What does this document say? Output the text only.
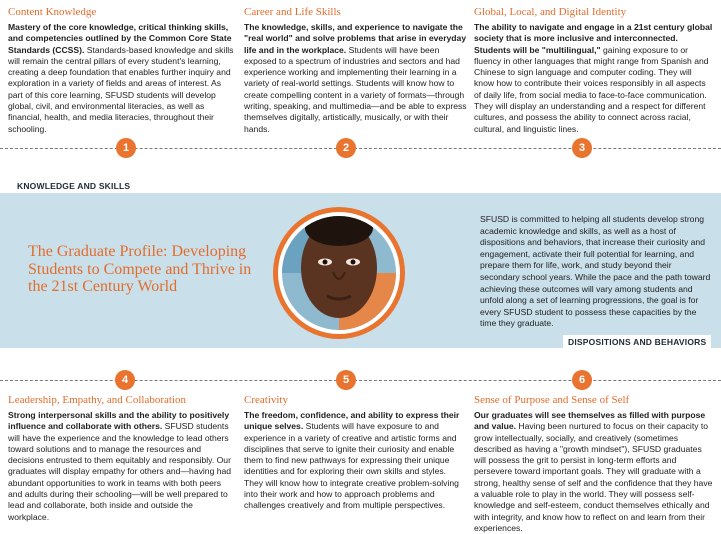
Content Knowledge
Mastery of the core knowledge, critical thinking skills, and competencies outlined by the Common Core State Standards (CCSS). Standards-based knowledge and skills will remain the central pillars of every student's learning, creating a deep foundation that enables further inquiry and exploration in a variety of fields and areas of interest. As part of this core learning, SFUSD students will develop global, civil, and environmental literacies, as well as financial, health, and media literacies, throughout their schooling.
Career and Life Skills
The knowledge, skills, and experience to navigate the "real world" and solve problems that arise in everyday life and in the workplace. Students will have been exposed to a spectrum of industries and sectors and had experience working and implementing their learning in a variety of real-world settings. Students will know how to create compelling content in a variety of formats—through writing, speaking, and multimedia—and be able to express themselves digitally, artistically, musically, or with their hands.
Global, Local, and Digital Identity
The ability to navigate and engage in a 21st century global society that is more inclusive and interconnected. Students will be "multilingual," gaining exposure to or fluency in other languages that might range from Spanish and Chinese to sign language and computer coding. They will know how to contribute their voices responsibly in all aspects of daily life, from social media to face-to-face communication. They will display an understanding and a respect for different cultures, and possess the ability to connect across racial, cultural, and linguistic lines.
KNOWLEDGE AND SKILLS
DISPOSITIONS AND BEHAVIORS
The Graduate Profile: Developing Students to Compete and Thrive in the 21st Century World
SFUSD is committed to helping all students develop strong academic knowledge and skills, as well as a host of dispositions and behaviors, that increase their curiosity and engagement, activate their full potential for learning, and prepare them for life, work, and study beyond their secondary school years. While the pace and the path toward achieving these outcomes will vary among students and unfold along a set of learning progressions, the goal is for every SFUSD student to possess these capacities by the time they graduate.
1	2	3
4	5	6
Leadership, Empathy, and Collaboration
Strong interpersonal skills and the ability to positively influence and collaborate with others. SFUSD students will have the experience and the knowledge to lead others toward solutions and to manage the resources and decisions entrusted to them equitably and responsibly. Our graduates will display empathy for others and—having had abundant opportunities to work in teams with both peers and adults during their schooling—will be well prepared to lead and collaborate, both inside and outside the workplace.
Creativity
The freedom, confidence, and ability to express their unique selves. Students will have exposure to and experience in a variety of creative and artistic forms and disciplines that serve to ignite their curiosity and enable them to find new pathways for expressing their unique identities and for exploring their own skills and styles. They will know how to integrate creative problem-solving into their work and how to approach problems and challenges creatively and from multiple perspectives.
Sense of Purpose and Sense of Self
Our graduates will see themselves as filled with purpose and value. Having been nurtured to focus on their capacity to grow intellectually, socially, and creatively (sometimes described as having a "growth mindset"), SFUSD graduates will possess the grit to persist in long-term efforts and persevere toward important goals. They will graduate with a strong, healthy sense of self and the confidence that they have a valuable role to play in the world. They will possess self-knowledge and self-esteem, conduct themselves ethically and with integrity, and know how to reflect on and learn from their experiences.
